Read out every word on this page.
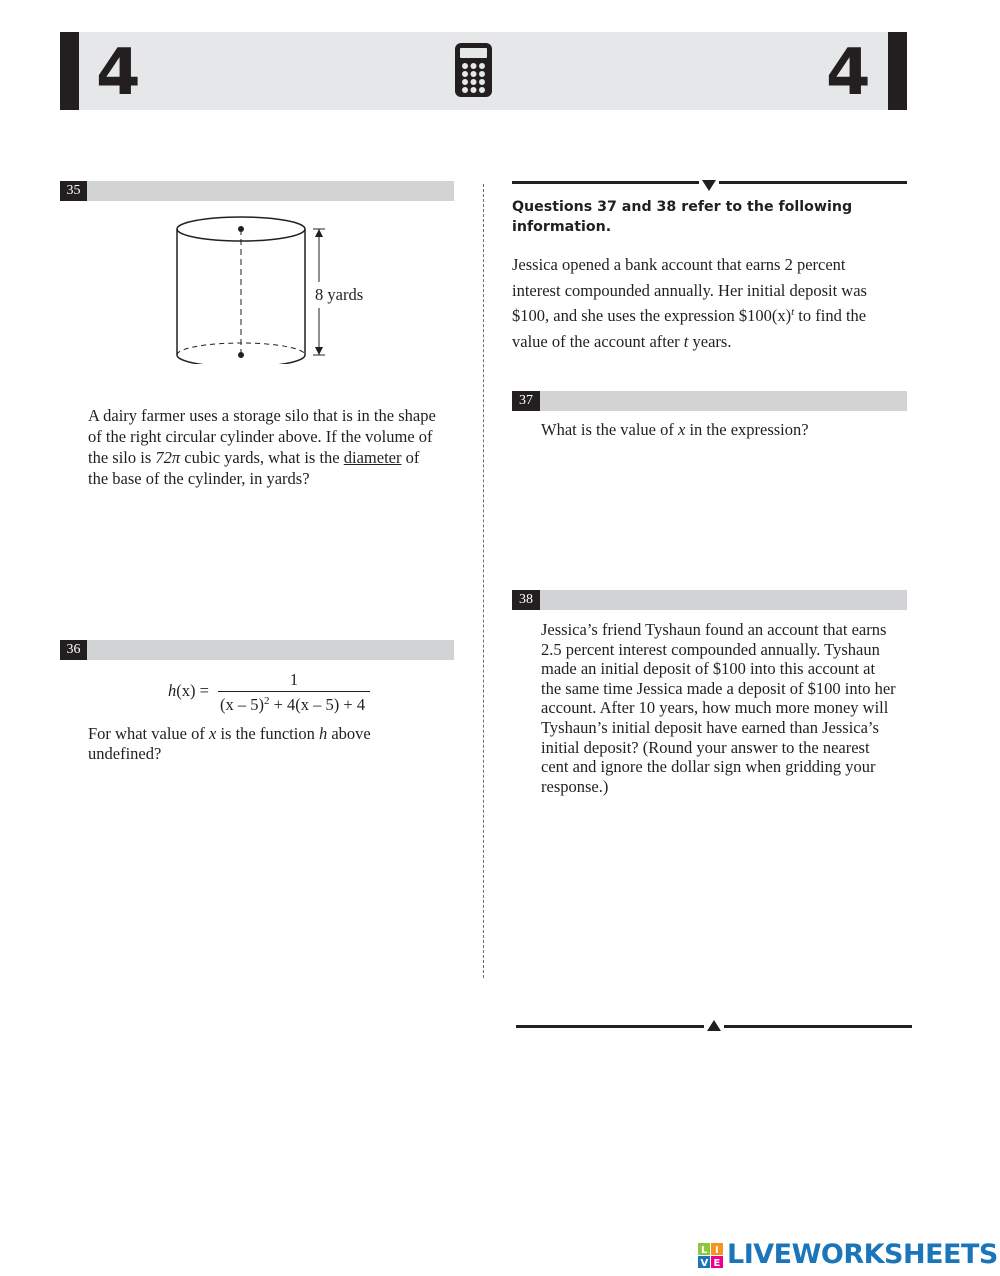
4	4
35
8 yards
A dairy farmer uses a storage silo that is in the shape
of the right circular cylinder above. If the volume of
the silo is 72π cubic yards, what is the diameter of
the base of the cylinder, in yards?
36
h(x) =
1
(x – 5)$^2$ + 4(x – 5) + 4
For what value of x is the function h above
undefined?
Questions 37 and 38 refer to the following
information.
Jessica opened a bank account that earns 2 percent
interest compounded annually. Her initial deposit was
$100, and she uses the expression $\$100(x)^t$ to find the
value of the account after t years.
37
What is the value of x in the expression?
38
Jessica’s friend Tyshaun found an account that earns
2.5 percent interest compounded annually. Tyshaun
made an initial deposit of $100 into this account at
the same time Jessica made a deposit of $100 into her
account. After 10 years, how much more money will
Tyshaun’s initial deposit have earned than Jessica’s
initial deposit? (Round your answer to the nearest
cent and ignore the dollar sign when gridding your
response.)
L I
V E LIVEWORKSHEETS
